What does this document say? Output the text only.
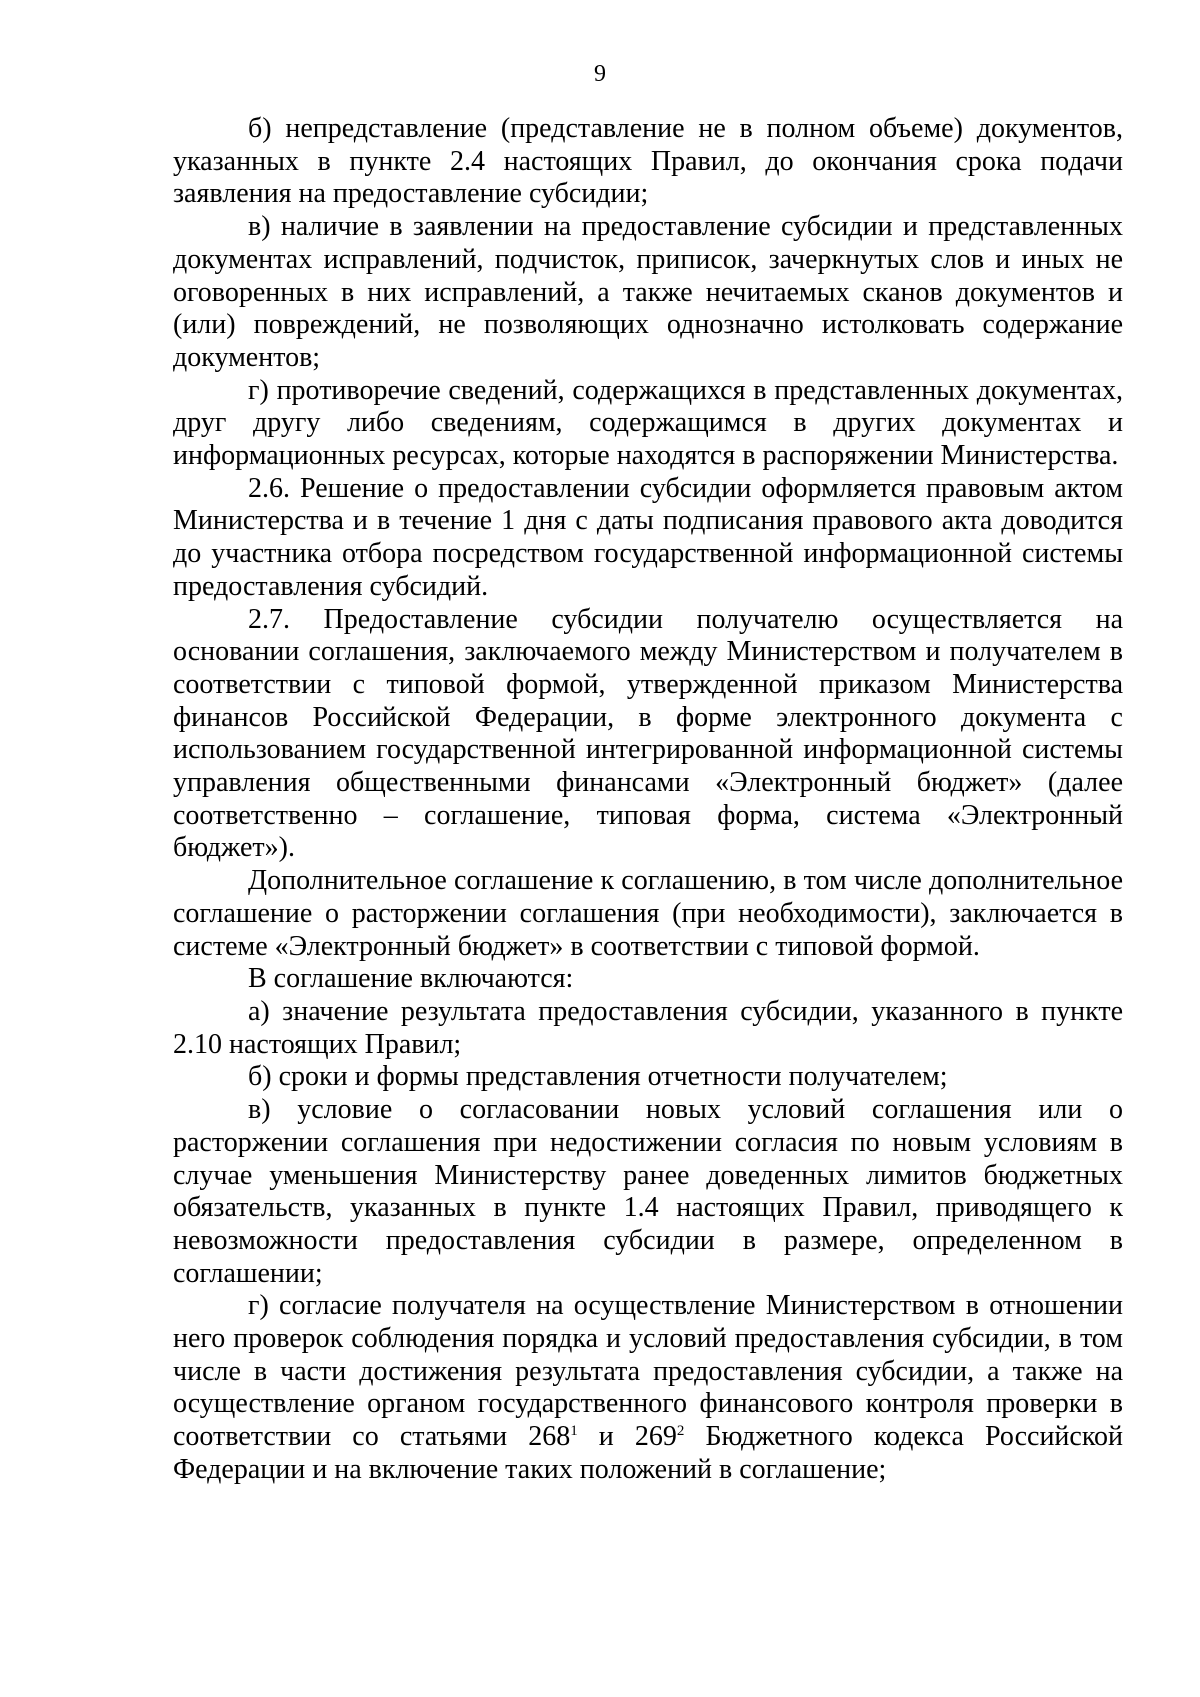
9

б) непредставление (представление не в полном объеме) документов, указанных в пункте 2.4 настоящих Правил, до окончания срока подачи заявления на предоставление субсидии;

в) наличие в заявлении на предоставление субсидии и представленных документах исправлений, подчисток, приписок, зачеркнутых слов и иных не оговоренных в них исправлений, а также нечитаемых сканов документов и (или) повреждений, не позволяющих однозначно истолковать содержание документов;

г) противоречие сведений, содержащихся в представленных документах, друг другу либо сведениям, содержащимся в других документах и информационных ресурсах, которые находятся в распоряжении Министерства.

2.6. Решение о предоставлении субсидии оформляется правовым актом Министерства и в течение 1 дня с даты подписания правового акта доводится до участника отбора посредством государственной информационной системы предоставления субсидий.

2.7. Предоставление субсидии получателю осуществляется на основании соглашения, заключаемого между Министерством и получателем в соответствии с типовой формой, утвержденной приказом Министерства финансов Российской Федерации, в форме электронного документа с использованием государственной интегрированной информационной системы управления общественными финансами «Электронный бюджет» (далее соответственно – соглашение, типовая форма, система «Электронный бюджет»).

Дополнительное соглашение к соглашению, в том числе дополнительное соглашение о расторжении соглашения (при необходимости), заключается в системе «Электронный бюджет» в соответствии с типовой формой.

В соглашение включаются:

а) значение результата предоставления субсидии, указанного в пункте 2.10 настоящих Правил;

б) сроки и формы представления отчетности получателем;

в) условие о согласовании новых условий соглашения или о расторжении соглашения при недостижении согласия по новым условиям в случае уменьшения Министерству ранее доведенных лимитов бюджетных обязательств, указанных в пункте 1.4 настоящих Правил, приводящего к невозможности предоставления субсидии в размере, определенном в соглашении;

г) согласие получателя на осуществление Министерством в отношении него проверок соблюдения порядка и условий предоставления субсидии, в том числе в части достижения результата предоставления субсидии, а также на осуществление органом государственного финансового контроля проверки в соответствии со статьями $268^1$ и $269^2$ Бюджетного кодекса Российской Федерации и на включение таких положений в соглашение;
